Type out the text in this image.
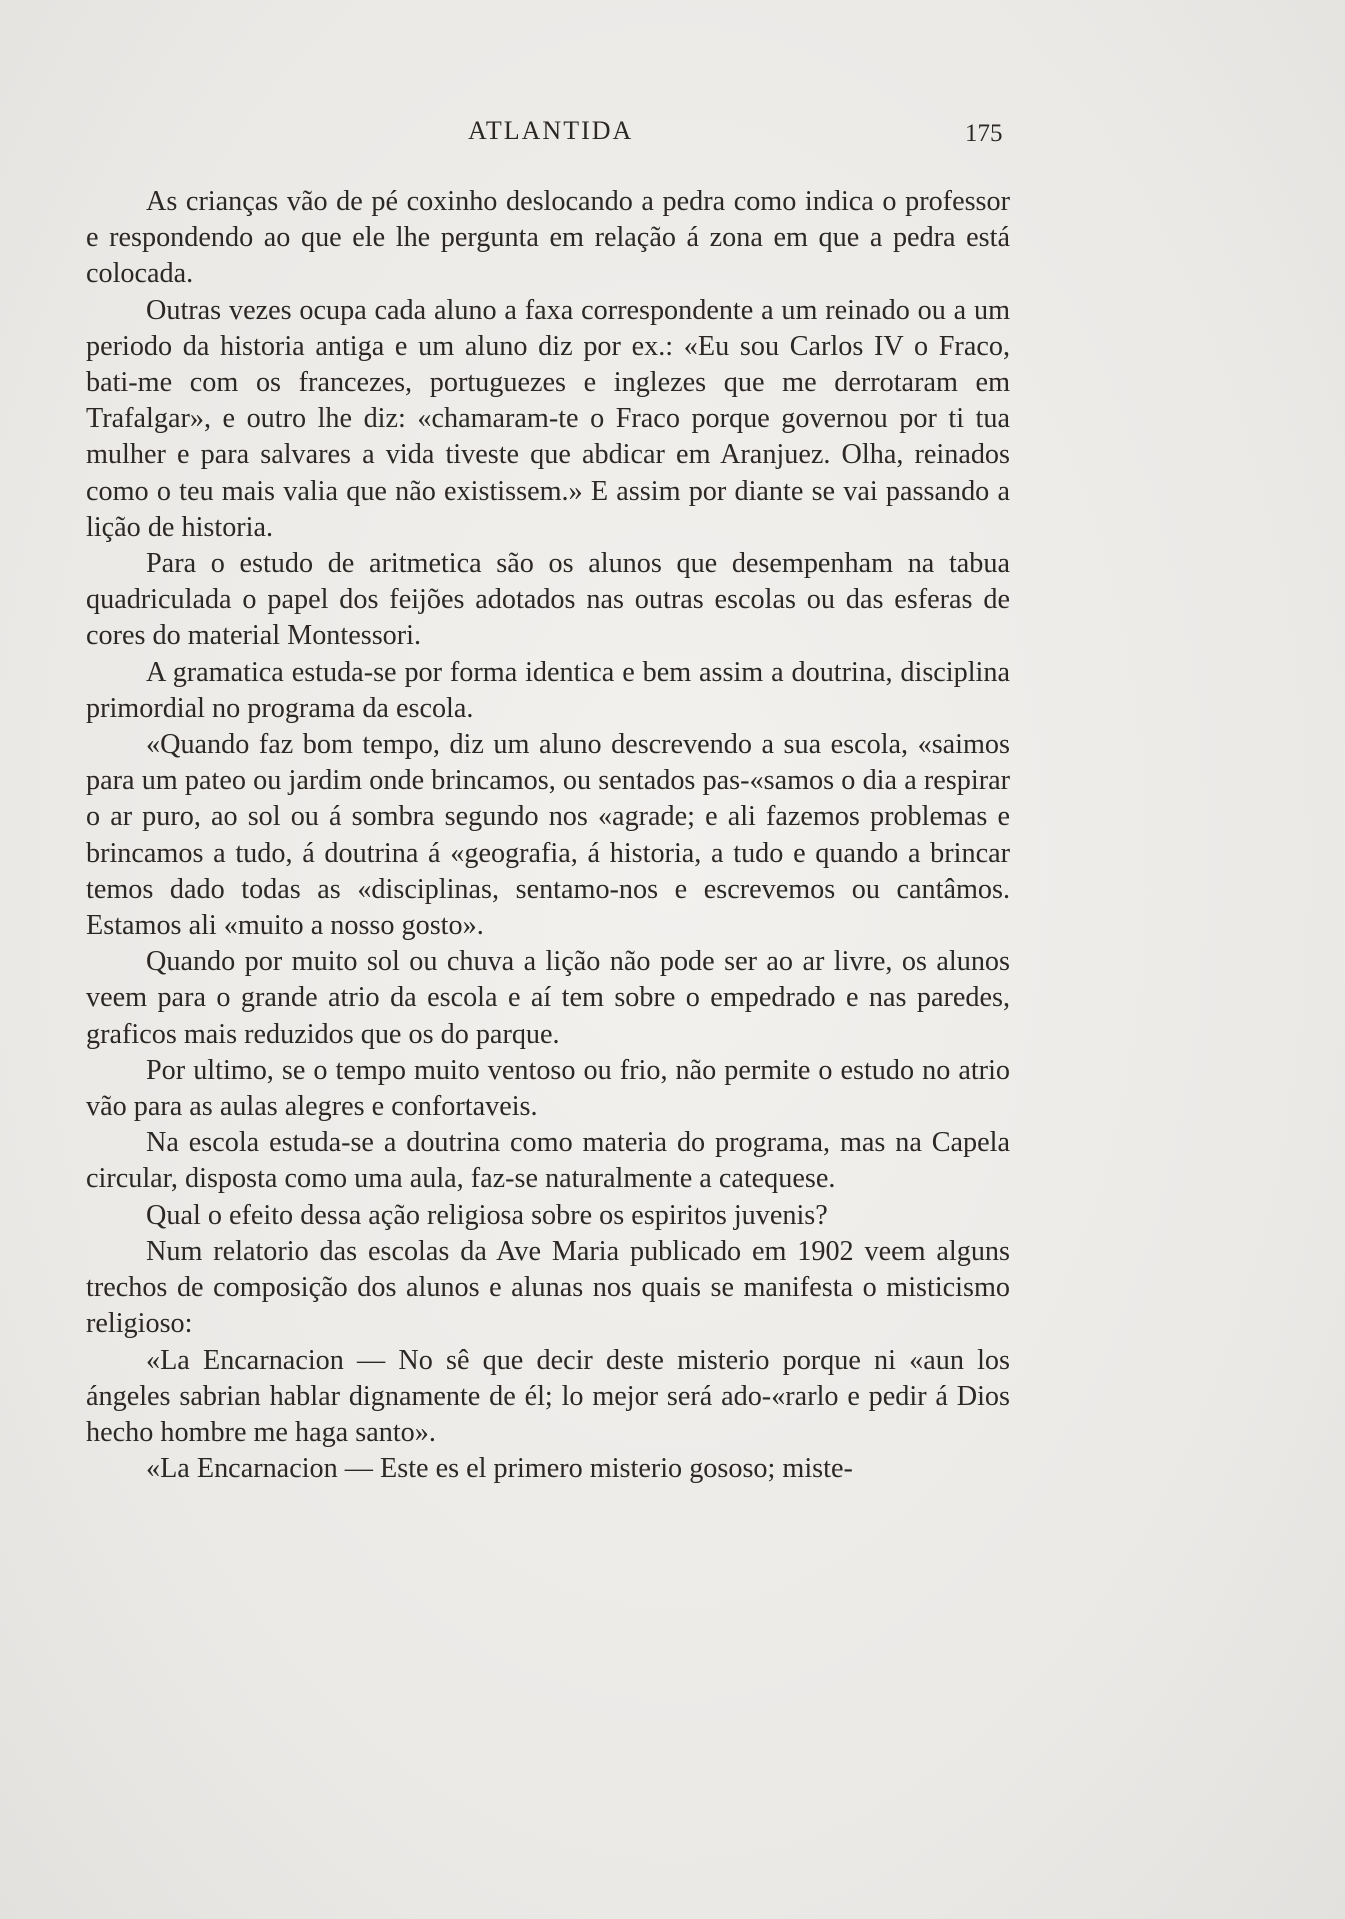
ATLANTIDA	175

As crianças vão de pé coxinho deslocando a pedra como indica o professor e respondendo ao que ele lhe pergunta em relação á zona em que a pedra está colocada.

Outras vezes ocupa cada aluno a faxa correspondente a um reinado ou a um periodo da historia antiga e um aluno diz por ex.: «Eu sou Carlos IV o Fraco, bati-me com os francezes, portuguezes e inglezes que me derrotaram em Trafalgar», e outro lhe diz: «chamaram-te o Fraco porque governou por ti tua mulher e para salvares a vida tiveste que abdicar em Aranjuez. Olha, reinados como o teu mais valia que não existissem.» E assim por diante se vai passando a lição de historia.

Para o estudo de aritmetica são os alunos que desempenham na tabua quadriculada o papel dos feijões adotados nas outras escolas ou das esferas de cores do material Montessori.

A gramatica estuda-se por forma identica e bem assim a doutrina, disciplina primordial no programa da escola.

«Quando faz bom tempo, diz um aluno descrevendo a sua escola, «saimos para um pateo ou jardim onde brincamos, ou sentados pas-«samos o dia a respirar o ar puro, ao sol ou á sombra segundo nos «agrade; e ali fazemos problemas e brincamos a tudo, á doutrina á «geografia, á historia, a tudo e quando a brincar temos dado todas as «disciplinas, sentamo-nos e escrevemos ou cantâmos. Estamos ali «muito a nosso gosto».

Quando por muito sol ou chuva a lição não pode ser ao ar livre, os alunos veem para o grande atrio da escola e aí tem sobre o empedrado e nas paredes, graficos mais reduzidos que os do parque.

Por ultimo, se o tempo muito ventoso ou frio, não permite o estudo no atrio vão para as aulas alegres e confortaveis.

Na escola estuda-se a doutrina como materia do programa, mas na Capela circular, disposta como uma aula, faz-se naturalmente a catequese.

Qual o efeito dessa ação religiosa sobre os espiritos juvenis?

Num relatorio das escolas da Ave Maria publicado em 1902 veem alguns trechos de composição dos alunos e alunas nos quais se manifesta o misticismo religioso:

«La Encarnacion — No sê que decir deste misterio porque ni «aun los ángeles sabrian hablar dignamente de él; lo mejor será ado-«rarlo e pedir á Dios hecho hombre me haga santo».

«La Encarnacion — Este es el primero misterio gososo; miste-
